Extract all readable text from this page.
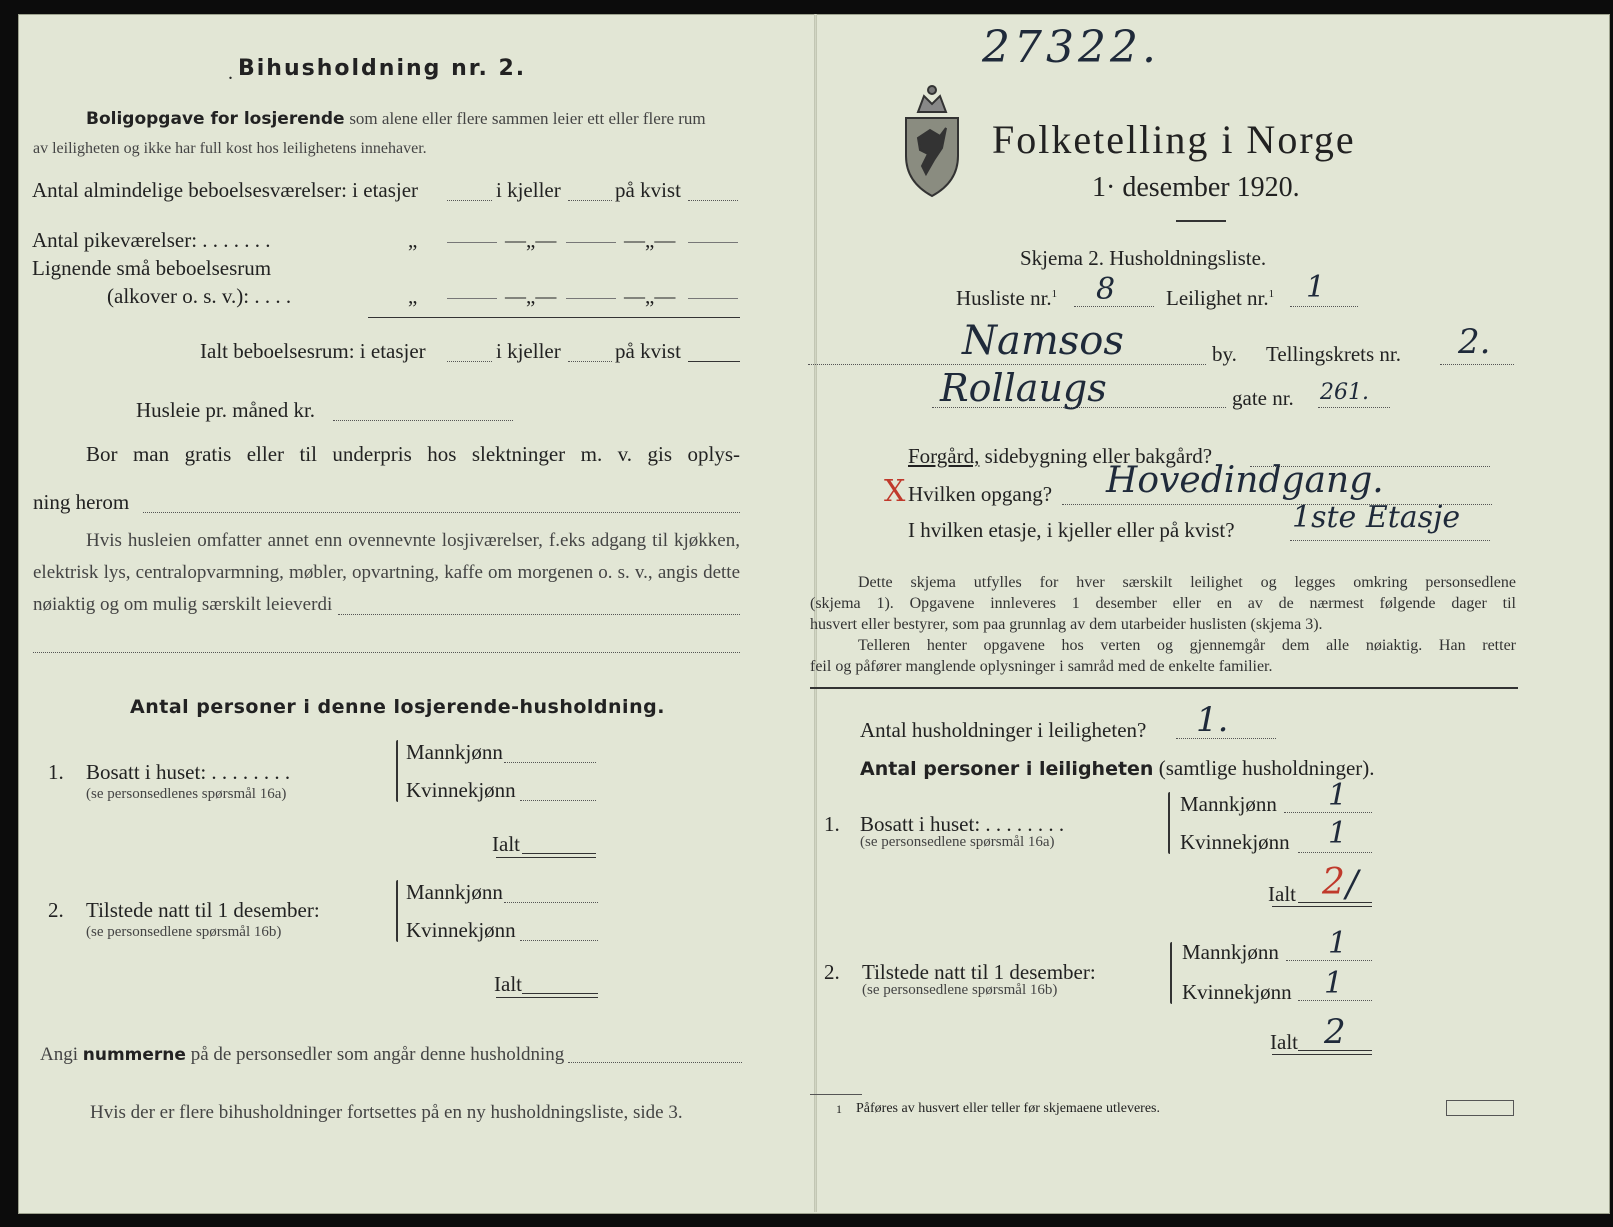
Bihusholdning nr. 2.
.
Boligopgave for losjerende som alene eller flere sammen leier ett eller flere rum
av leiligheten og ikke har full kost hos leilighetens innehaver.
Antal almindelige beboelsesværelser: i etasjer	i kjeller	på kvist
Antal pikeværelser: . . . . . . .	„	—„—	—„—
Lignende små beboelsesrum
(alkover o. s. v.): . . . .	„	—„—	—„—
Ialt beboelsesrum: i etasjer	i kjeller	på kvist
Husleie pr. måned kr.
Bor man gratis eller til underpris hos slektninger m. v. gis oplys-
ning herom
Hvis husleien omfatter annet enn ovennevnte losjiværelser, f.eks adgang til kjøkken,
elektrisk lys, centralopvarmning, møbler, opvartning, kaffe om morgenen o. s. v., angis dette
nøiaktig og om mulig særskilt leieverdi
Antal personer i denne losjerende-husholdning.
1. Bosatt i huset: . . . . . . . .
(se personsedlenes spørsmål 16a)
Mannkjønn
Kvinnekjønn
Ialt
2. Tilstede natt til 1 desember:
(se personsedlene spørsmål 16b)
Mannkjønn
Kvinnekjønn
Ialt
Angi nummerne på de personsedler som angår denne husholdning
Hvis der er flere bihusholdninger fortsettes på en ny husholdningsliste, side 3.
27322.
Folketelling i Norge
1· desember 1920.
Skjema 2. Husholdningsliste.
Husliste nr.$^1$ 8 Leilighet nr.$^1$ 1
Namsos	by. Tellingskrets nr. 2.
Rollaugs	gate nr. 261.
Forgård, sidebygning eller bakgård?
X Hvilken opgang? Hovedindgang.
I hvilken etasje, i kjeller eller på kvist? 1ste Etasje
Dette skjema utfylles for hver særskilt leilighet og legges omkring personsedlene
(skjema 1). Opgavene innleveres 1 desember eller en av de nærmest følgende dager til
husvert eller bestyrer, som paa grunnlag av dem utarbeider huslisten (skjema 3).
Telleren henter opgavene hos verten og gjennemgår dem alle nøiaktig. Han retter
feil og påfører manglende oplysninger i samråd med de enkelte familier.
Antal husholdninger i leiligheten? 1.
Antal personer i leiligheten (samtlige husholdninger).
1. Bosatt i huset: . . . . . . . .
(se personsedlene spørsmål 16a)
Mannkjønn 1
Kvinnekjønn 1
Ialt 2 /
2. Tilstede natt til 1 desember:
(se personsedlene spørsmål 16b)
Mannkjønn 1
Kvinnekjønn 1
Ialt 2
1 Påføres av husvert eller teller før skjemaene utleveres.
